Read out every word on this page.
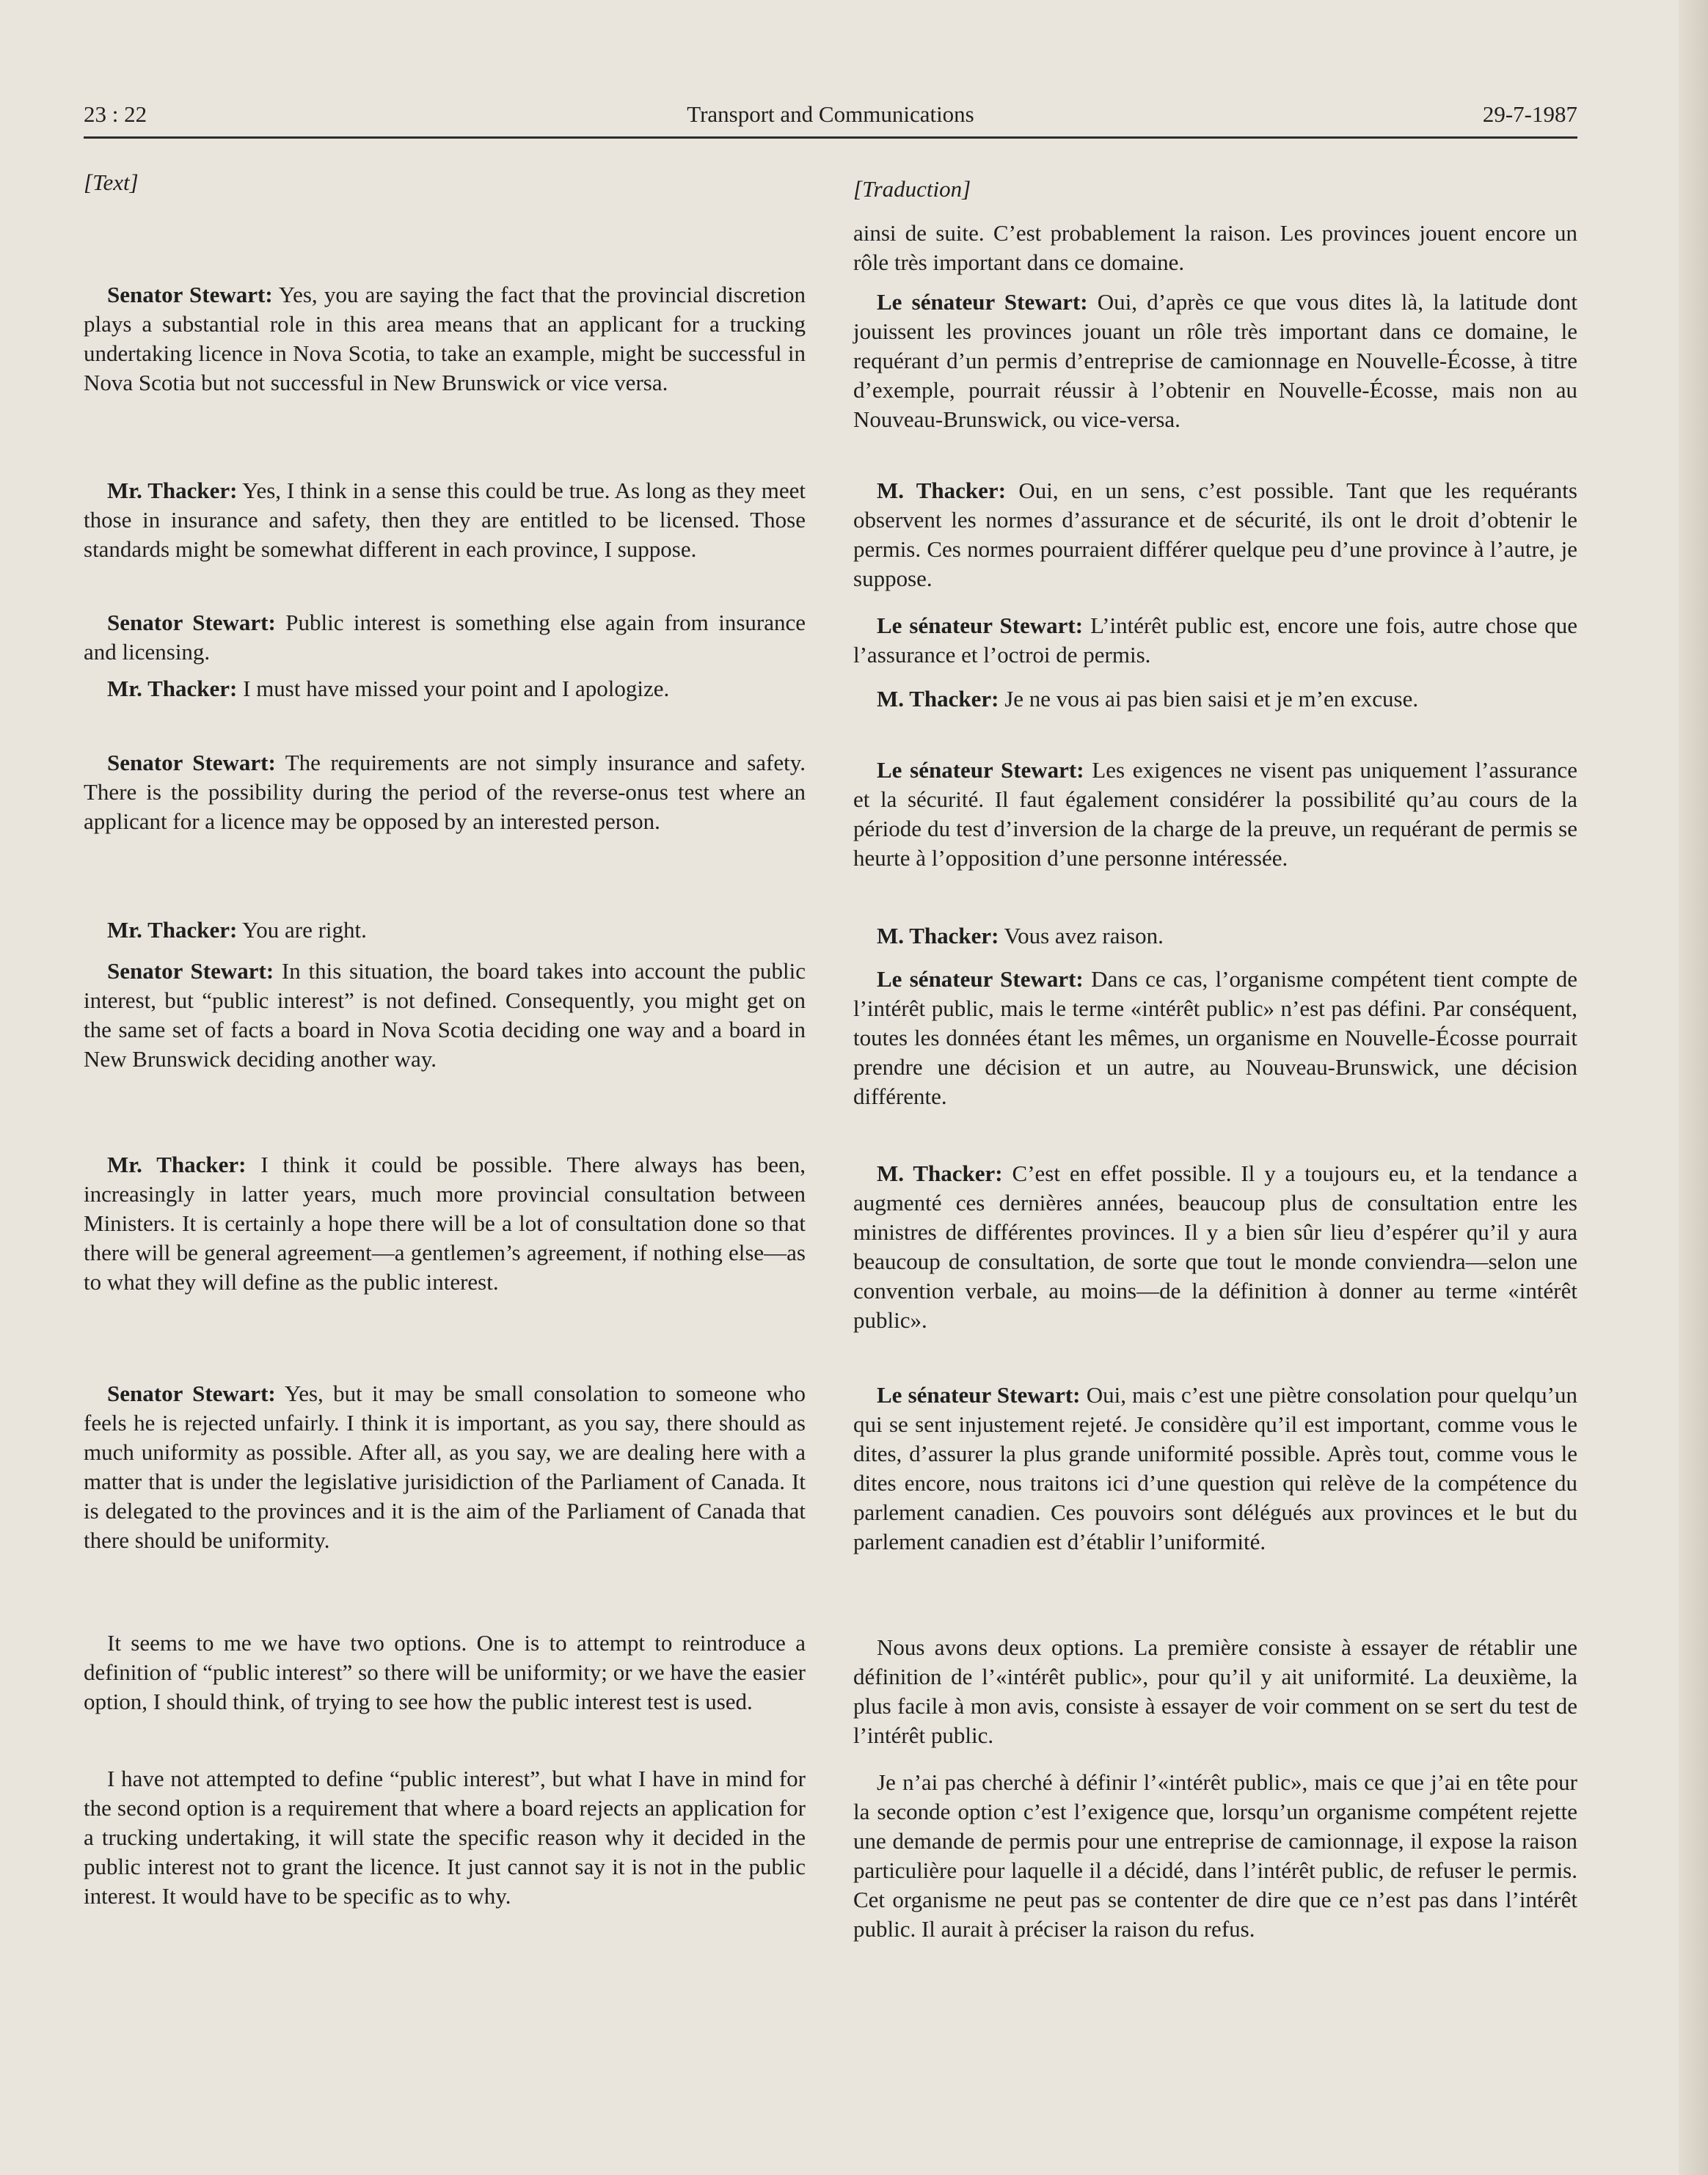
23 : 22	Transport and Communications	29-7-1987
[Text]

Senator Stewart: Yes, you are saying the fact that the provincial discretion plays a substantial role in this area means that an applicant for a trucking undertaking licence in Nova Scotia, to take an example, might be successful in Nova Scotia but not successful in New Brunswick or vice versa.

Mr. Thacker: Yes, I think in a sense this could be true. As long as they meet those in insurance and safety, then they are entitled to be licensed. Those standards might be somewhat different in each province, I suppose.

Senator Stewart: Public interest is something else again from insurance and licensing.

Mr. Thacker: I must have missed your point and I apologize.

Senator Stewart: The requirements are not simply insurance and safety. There is the possibility during the period of the reverse-onus test where an applicant for a licence may be opposed by an interested person.

Mr. Thacker: You are right.

Senator Stewart: In this situation, the board takes into account the public interest, but “public interest” is not defined. Consequently, you might get on the same set of facts a board in Nova Scotia deciding one way and a board in New Brunswick deciding another way.

Mr. Thacker: I think it could be possible. There always has been, increasingly in latter years, much more provincial consultation between Ministers. It is certainly a hope there will be a lot of consultation done so that there will be general agreement—a gentlemen’s agreement, if nothing else—as to what they will define as the public interest.

Senator Stewart: Yes, but it may be small consolation to someone who feels he is rejected unfairly. I think it is important, as you say, there should as much uniformity as possible. After all, as you say, we are dealing here with a matter that is under the legislative jurisidiction of the Parliament of Canada. It is delegated to the provinces and it is the aim of the Parliament of Canada that there should be uniformity.

It seems to me we have two options. One is to attempt to reintroduce a definition of “public interest” so there will be uniformity; or we have the easier option, I should think, of trying to see how the public interest test is used.

I have not attempted to define “public interest”, but what I have in mind for the second option is a requirement that where a board rejects an application for a trucking undertaking, it will state the specific reason why it decided in the public interest not to grant the licence. It just cannot say it is not in the public interest. It would have to be specific as to why.

[Traduction]

ainsi de suite. C’est probablement la raison. Les provinces jouent encore un rôle très important dans ce domaine.

Le sénateur Stewart: Oui, d’après ce que vous dites là, la latitude dont jouissent les provinces jouant un rôle très important dans ce domaine, le requérant d’un permis d’entreprise de camionnage en Nouvelle-Écosse, à titre d’exemple, pourrait réussir à l’obtenir en Nouvelle-Écosse, mais non au Nouveau-Brunswick, ou vice-versa.

M. Thacker: Oui, en un sens, c’est possible. Tant que les requérants observent les normes d’assurance et de sécurité, ils ont le droit d’obtenir le permis. Ces normes pourraient différer quelque peu d’une province à l’autre, je suppose.

Le sénateur Stewart: L’intérêt public est, encore une fois, autre chose que l’assurance et l’octroi de permis.

M. Thacker: Je ne vous ai pas bien saisi et je m’en excuse.

Le sénateur Stewart: Les exigences ne visent pas uniquement l’assurance et la sécurité. Il faut également considérer la possibilité qu’au cours de la période du test d’inversion de la charge de la preuve, un requérant de permis se heurte à l’opposition d’une personne intéressée.

M. Thacker: Vous avez raison.

Le sénateur Stewart: Dans ce cas, l’organisme compétent tient compte de l’intérêt public, mais le terme «intérêt public» n’est pas défini. Par conséquent, toutes les données étant les mêmes, un organisme en Nouvelle-Écosse pourrait prendre une décision et un autre, au Nouveau-Brunswick, une décision différente.

M. Thacker: C’est en effet possible. Il y a toujours eu, et la tendance a augmenté ces dernières années, beaucoup plus de consultation entre les ministres de différentes provinces. Il y a bien sûr lieu d’espérer qu’il y aura beaucoup de consultation, de sorte que tout le monde conviendra—selon une convention verbale, au moins—de la définition à donner au terme «intérêt public».

Le sénateur Stewart: Oui, mais c’est une piètre consolation pour quelqu’un qui se sent injustement rejeté. Je considère qu’il est important, comme vous le dites, d’assurer la plus grande uniformité possible. Après tout, comme vous le dites encore, nous traitons ici d’une question qui relève de la compétence du parlement canadien. Ces pouvoirs sont délégués aux provinces et le but du parlement canadien est d’établir l’uniformité.

Nous avons deux options. La première consiste à essayer de rétablir une définition de l’«intérêt public», pour qu’il y ait uniformité. La deuxième, la plus facile à mon avis, consiste à essayer de voir comment on se sert du test de l’intérêt public.

Je n’ai pas cherché à définir l’«intérêt public», mais ce que j’ai en tête pour la seconde option c’est l’exigence que, lorsqu’un organisme compétent rejette une demande de permis pour une entreprise de camionnage, il expose la raison particulière pour laquelle il a décidé, dans l’intérêt public, de refuser le permis. Cet organisme ne peut pas se contenter de dire que ce n’est pas dans l’intérêt public. Il aurait à préciser la raison du refus.
